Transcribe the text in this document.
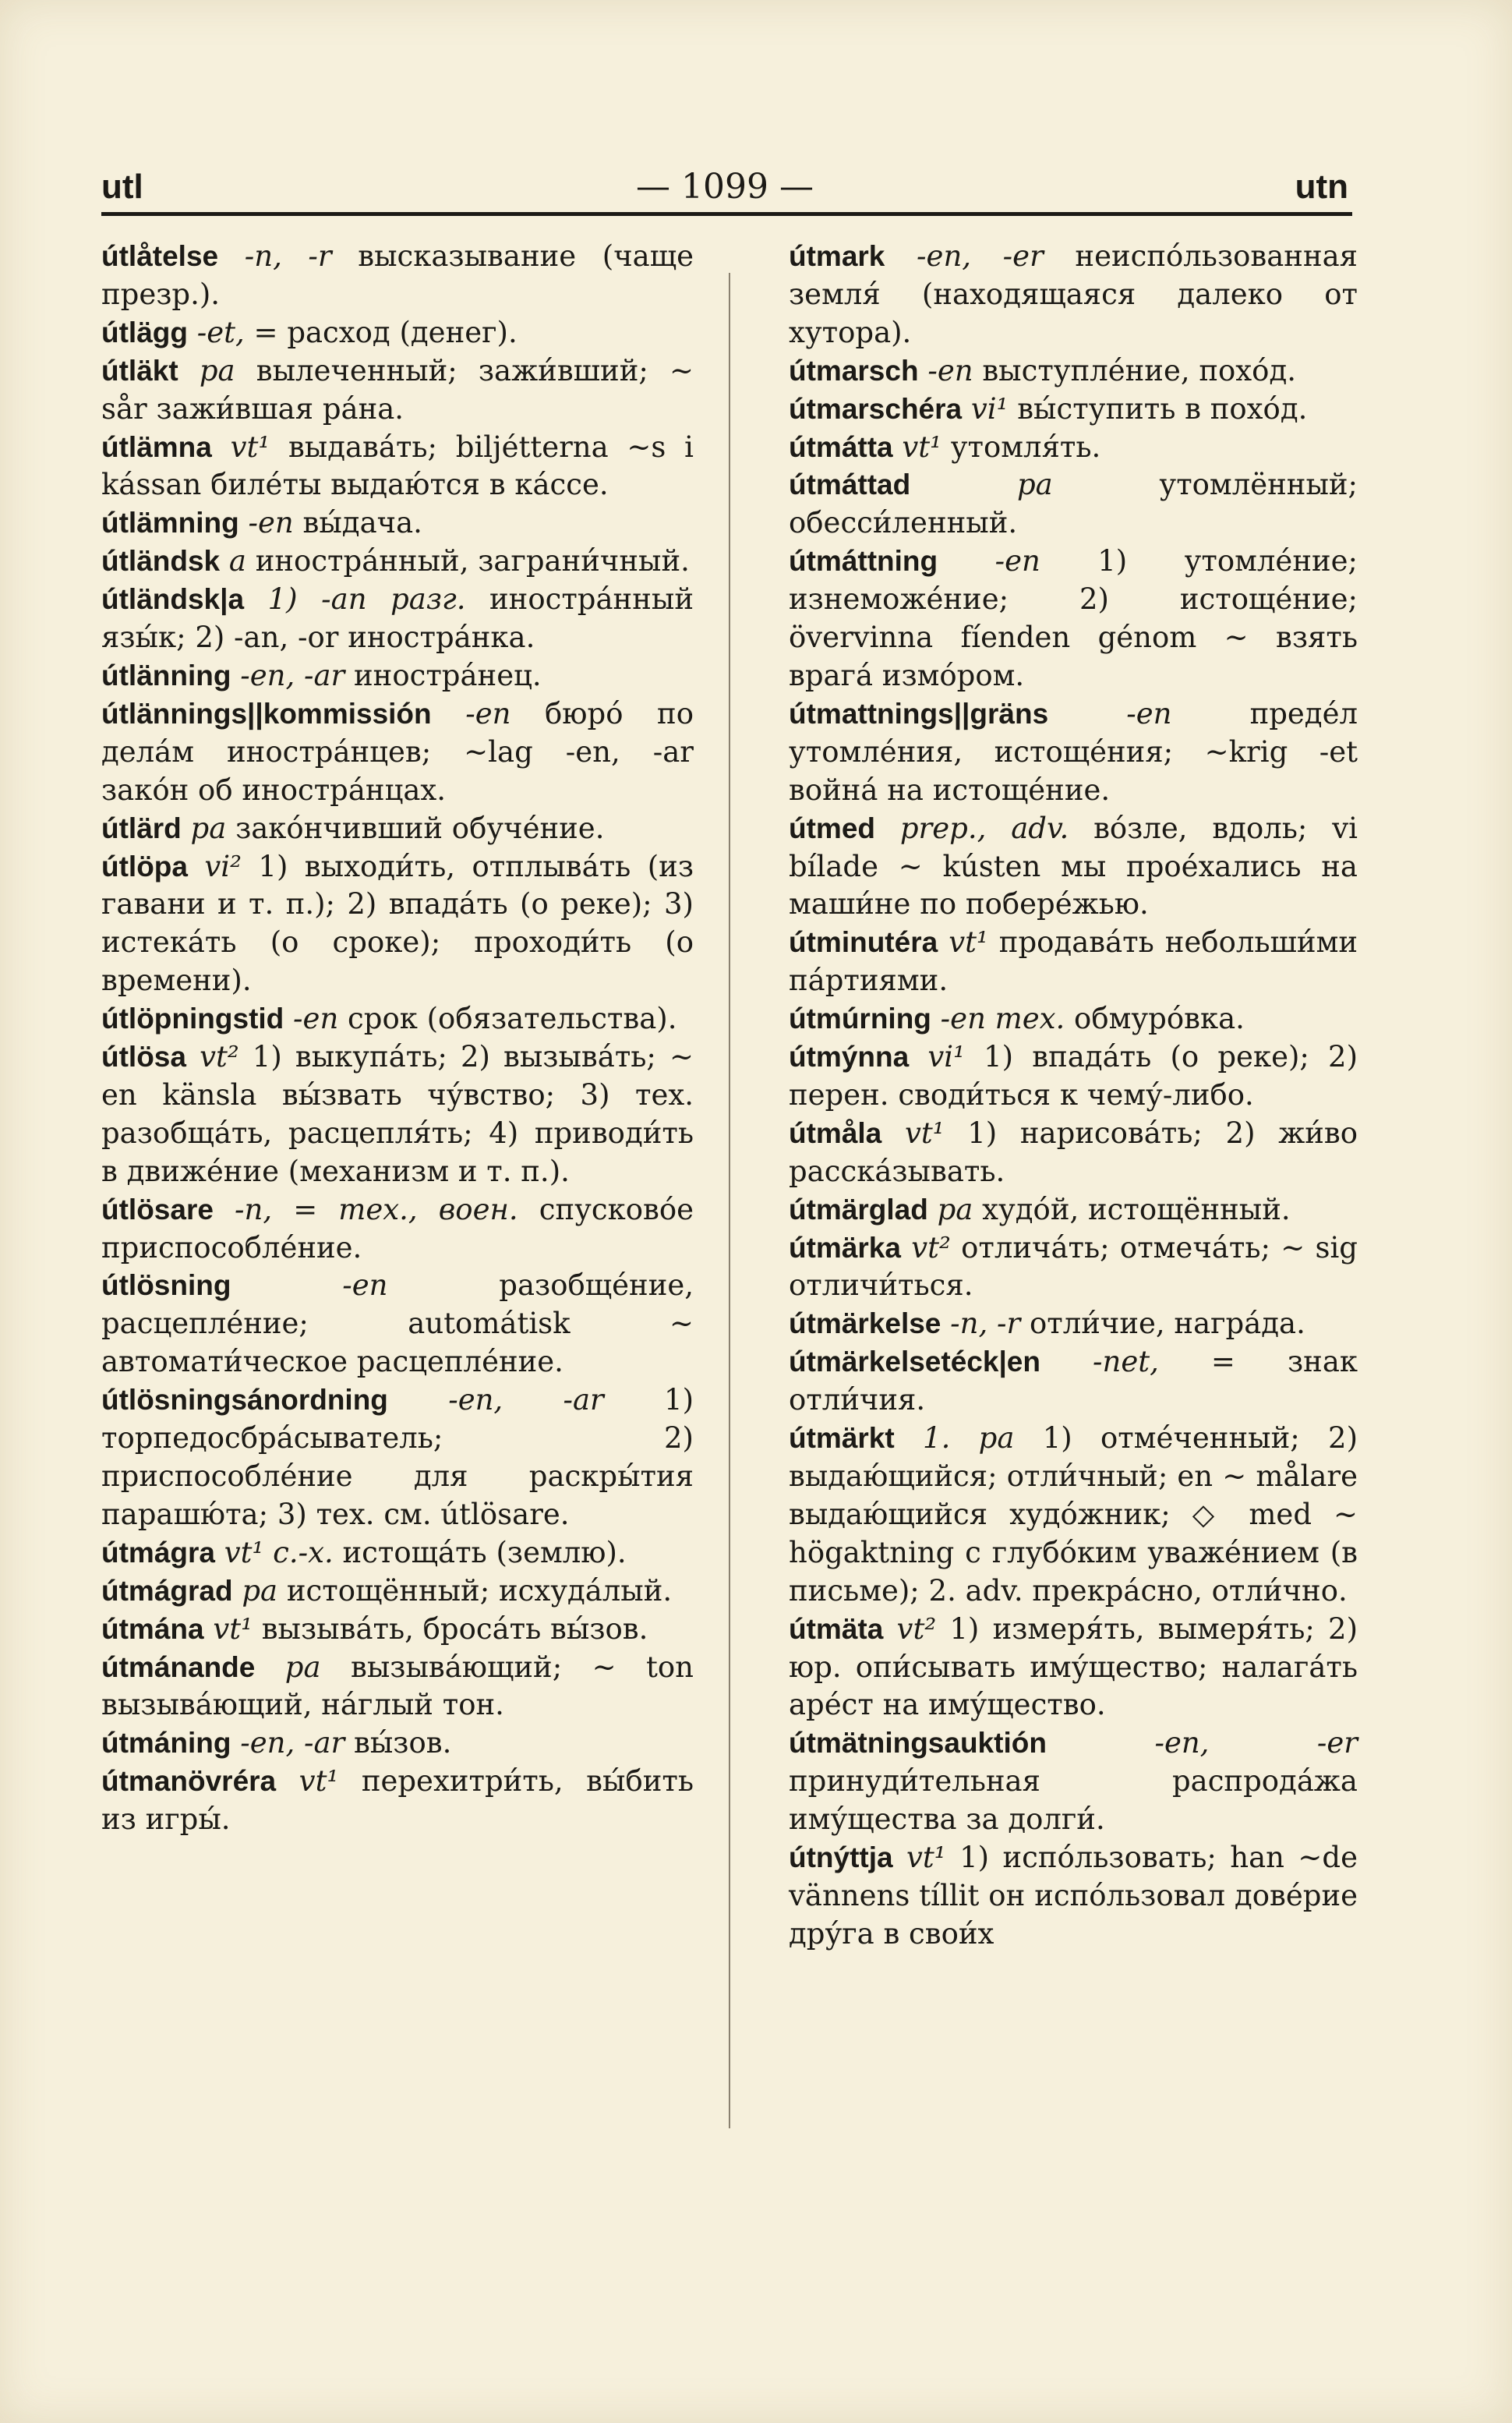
utl	— 1099 —	utn

útlåtelse -n, -r высказывание (чаще презр.).

útlägg -et, = расход (денег).

útläkt pa вылеченный; зажи́вший; ~ sår зажи́вшая ра́на.

útlämna vt¹ выдава́ть; biljétterna ~s i kássan биле́ты выдаю́тся в ка́ссе.

útlämning -en вы́дача.

útländsk a иностра́нный, заграни́чный.

útländsk|a 1) -an разг. иностра́нный язы́к; 2) -an, -or иностра́нка.

útlänning -en, -ar иностра́нец.

útlännings||kommissión -en бюро́ по дела́м иностра́нцев; ~lag -en, -ar зако́н об иностра́нцах.

útlärd pa зако́нчивший обуче́ние.

útlöpa vi² 1) выходи́ть, отплыва́ть (из гавани и т. п.); 2) впада́ть (о реке); 3) истека́ть (о сроке); проходи́ть (о времени).

útlöpningstid -en срок (обязательства).

útlösa vt² 1) выкупа́ть; 2) вызыва́ть; ~ en känsla вы́звать чу́вство; 3) тех. разобща́ть, расцепля́ть; 4) приводи́ть в движе́ние (механизм и т. п.).

útlösare -n, = тех., воен. спусково́е приспособле́ние.

útlösning	-en	разобще́ние, расцепле́ние; automátisk ~ автомати́ческое расцепле́ние.

útlösningsánordning -en, -ar 1) торпедосбра́сыватель; 2) приспособле́ние для раскры́тия парашю́та; 3) тех. см. útlösare.

útmágra vt¹ с.-х. истоща́ть (землю).

útmágrad pa истощённый; исхуда́лый.

útmána vt¹ вызыва́ть, броса́ть вы́зов.

útmánande pa вызыва́ющий; ~ ton вызыва́ющий, на́глый тон.

útmáning -en, -ar вы́зов.

útmanövréra vt¹ перехитри́ть, вы́бить из игры́.

útmark -en, -er неиспо́льзованная земля́ (находящаяся далеко от хутора).

útmarsch -en выступле́ние, похо́д.

útmarschéra vi¹ вы́ступить в похо́д.

útmátta vt¹ утомля́ть.

útmáttad	pa	утомлённый; обесси́ленный.

útmáttning -en 1) утомле́ние; изнеможе́ние; 2) истоще́ние; övervinna fíenden génom ~ взять врага́ измо́ром.

útmattnings||gräns	-en	преде́л утомле́ния, истоще́ния; ~krig -et война́ на истоще́ние.

útmed prep., adv. во́зле, вдоль; vi bílade ~ kústen мы прое́хались на маши́не по побере́жью.

útminutéra vt¹ продава́ть небольши́ми па́ртиями.

útmúrning -en тех. обмуро́вка.

útmýnna vi¹ 1) впада́ть (о реке); 2) перен. своди́ться к чему́-либо.

útmåla vt¹ 1) нарисова́ть; 2) жи́во расска́зывать.

útmärglad pa худо́й, истощённый.

útmärka vt² отлича́ть; отмеча́ть; ~ sig отличи́ться.

útmärkelse -n, -r отли́чие, награ́да.

útmärkelsetéck|en -net, = знак отли́чия.

útmärkt 1. pa 1) отме́ченный; 2) выдаю́щийся; отли́чный; en ~ målare выдаю́щийся худо́жник; ◇ med ~ högaktning с глубо́ким уваже́нием (в письме); 2. adv. прекра́сно, отли́чно.

útmäta vt² 1) измеря́ть, вымеря́ть; 2) юр. опи́сывать иму́щество; налага́ть аре́ст на иму́щество.

útmätningsauktión	-en, -er принуди́тельная распрода́жа иму́щества за долги́.

útnýttja vt¹ 1) испо́льзовать; han ~de vännens tíllit он испо́льзовал дове́рие дру́га в свои́х
